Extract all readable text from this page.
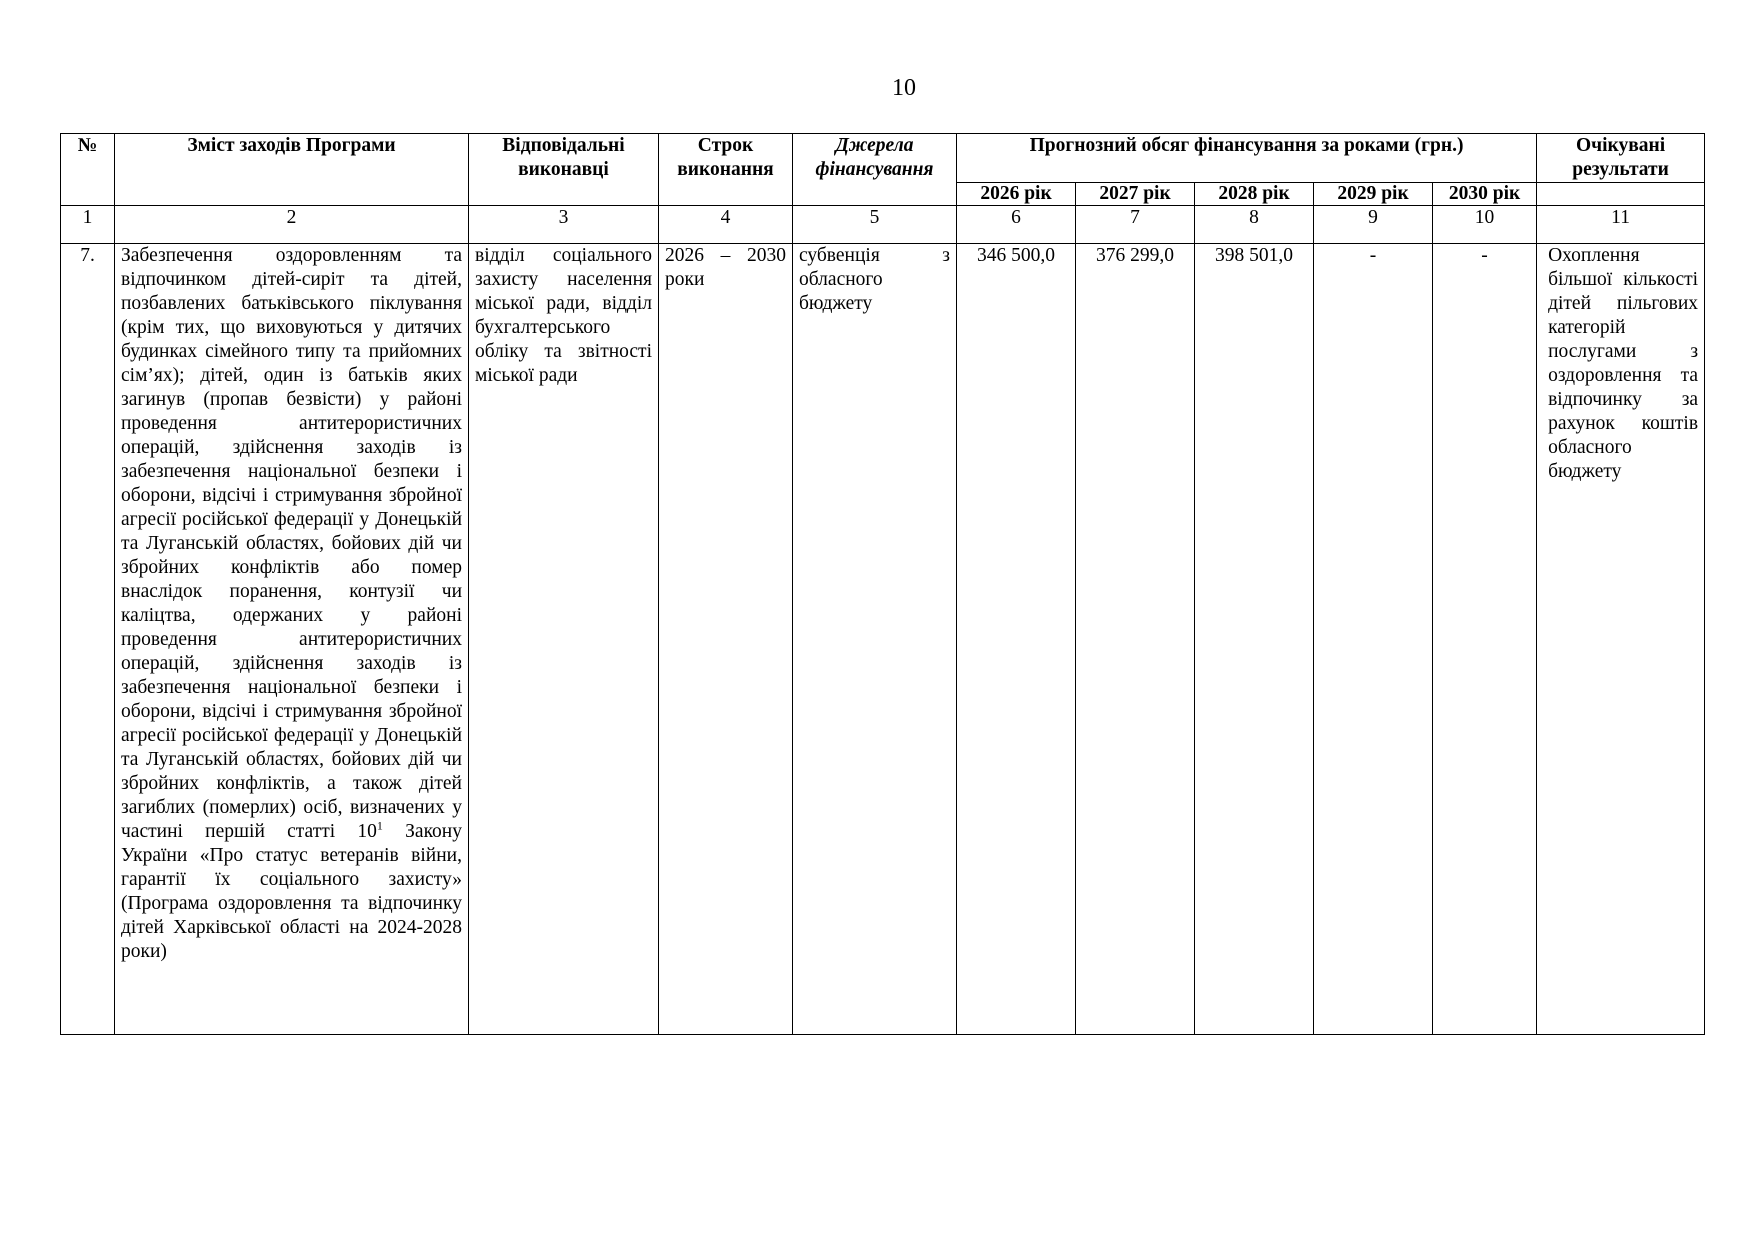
10
№	Зміст заходів Програми	Відповідальні виконавці	Строк виконання	Джерела фінансування	Прогнозний обсяг фінансування за роками (грн.)					Очікувані результати
					2026 рік	2027 рік	2028 рік	2029 рік	2030 рік	
1	2	3	4	5	6	7	8	9	10	11
7.	Забезпечення оздоровленням та відпочинком дітей-сиріт та дітей, позбавлених батьківського піклування (крім тих, що виховуються у дитячих будинках сімейного типу та прийомних сім’ях); дітей, один із батьків яких загинув (пропав безвісти) у районі проведення антитерористичних операцій, здійснення заходів із забезпечення національної безпеки і оборони, відсічі і стримування збройної агресії російської федерації у Донецькій та Луганській областях, бойових дій чи збройних конфліктів або помер внаслідок поранення, контузії чи каліцтва, одержаних у районі проведення антитерористичних операцій, здійснення заходів із забезпечення національної безпеки і оборони, відсічі і стримування збройної агресії російської федерації у Донецькій та Луганській областях, бойових дій чи збройних конфліктів, а також дітей загиблих (померлих) осіб, визначених у частині першій статті $10^1$ Закону України «Про статус ветеранів війни, гарантії їх соціального захисту» (Програма оздоровлення та відпочинку дітей Харківської області на 2024-2028 роки)	відділ соціального захисту населення міської ради, відділ бухгалтерського обліку та звітності міської ради	2026 – 2030 роки	субвенція з обласного бюджету	346 500,0	376 299,0	398 501,0	-	-	Охоплення більшої кількості дітей пільгових категорій послугами з оздоровлення та відпочинку за рахунок коштів обласного бюджету
